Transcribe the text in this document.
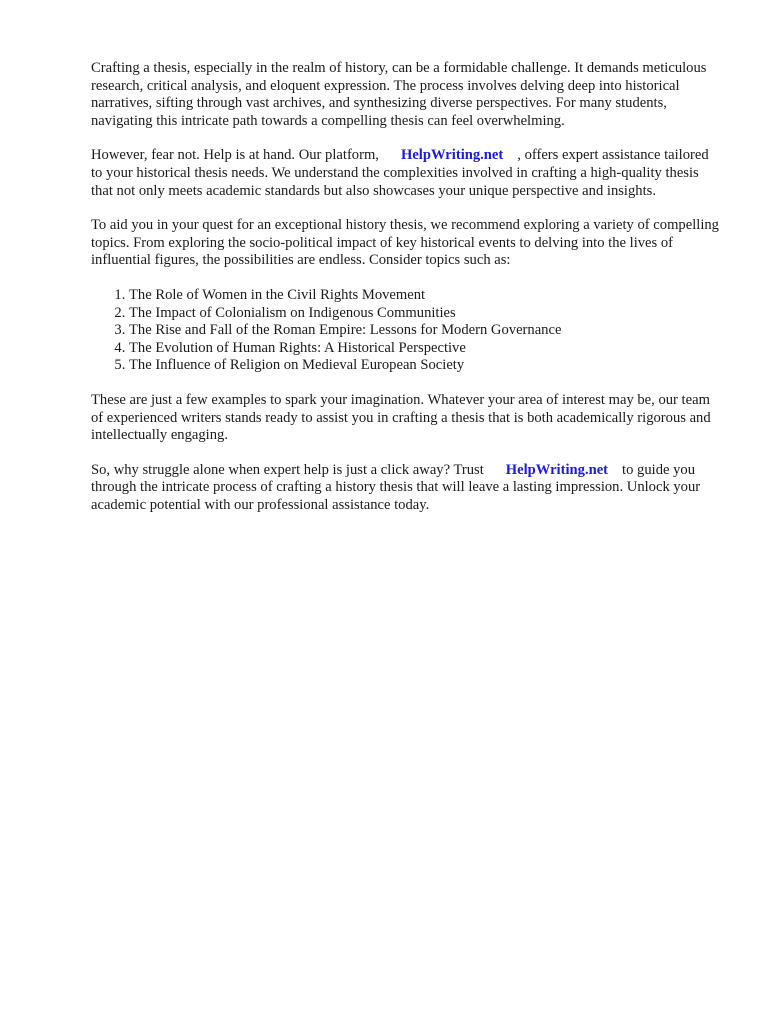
Crafting a thesis, especially in the realm of history, can be a formidable challenge. It demands meticulous research, critical analysis, and eloquent expression. The process involves delving deep into historical narratives, sifting through vast archives, and synthesizing diverse perspectives. For many students, navigating this intricate path towards a compelling thesis can feel overwhelming.

However, fear not. Help is at hand. Our platform, HelpWriting.net , offers expert assistance tailored to your historical thesis needs. We understand the complexities involved in crafting a high-quality thesis that not only meets academic standards but also showcases your unique perspective and insights.

To aid you in your quest for an exceptional history thesis, we recommend exploring a variety of compelling topics. From exploring the socio-political impact of key historical events to delving into the lives of influential figures, the possibilities are endless. Consider topics such as:

1. The Role of Women in the Civil Rights Movement
2. The Impact of Colonialism on Indigenous Communities
3. The Rise and Fall of the Roman Empire: Lessons for Modern Governance
4. The Evolution of Human Rights: A Historical Perspective
5. The Influence of Religion on Medieval European Society

These are just a few examples to spark your imagination. Whatever your area of interest may be, our team of experienced writers stands ready to assist you in crafting a thesis that is both academically rigorous and intellectually engaging.

So, why struggle alone when expert help is just a click away? Trust HelpWriting.net to guide you through the intricate process of crafting a history thesis that will leave a lasting impression. Unlock your academic potential with our professional assistance today.
